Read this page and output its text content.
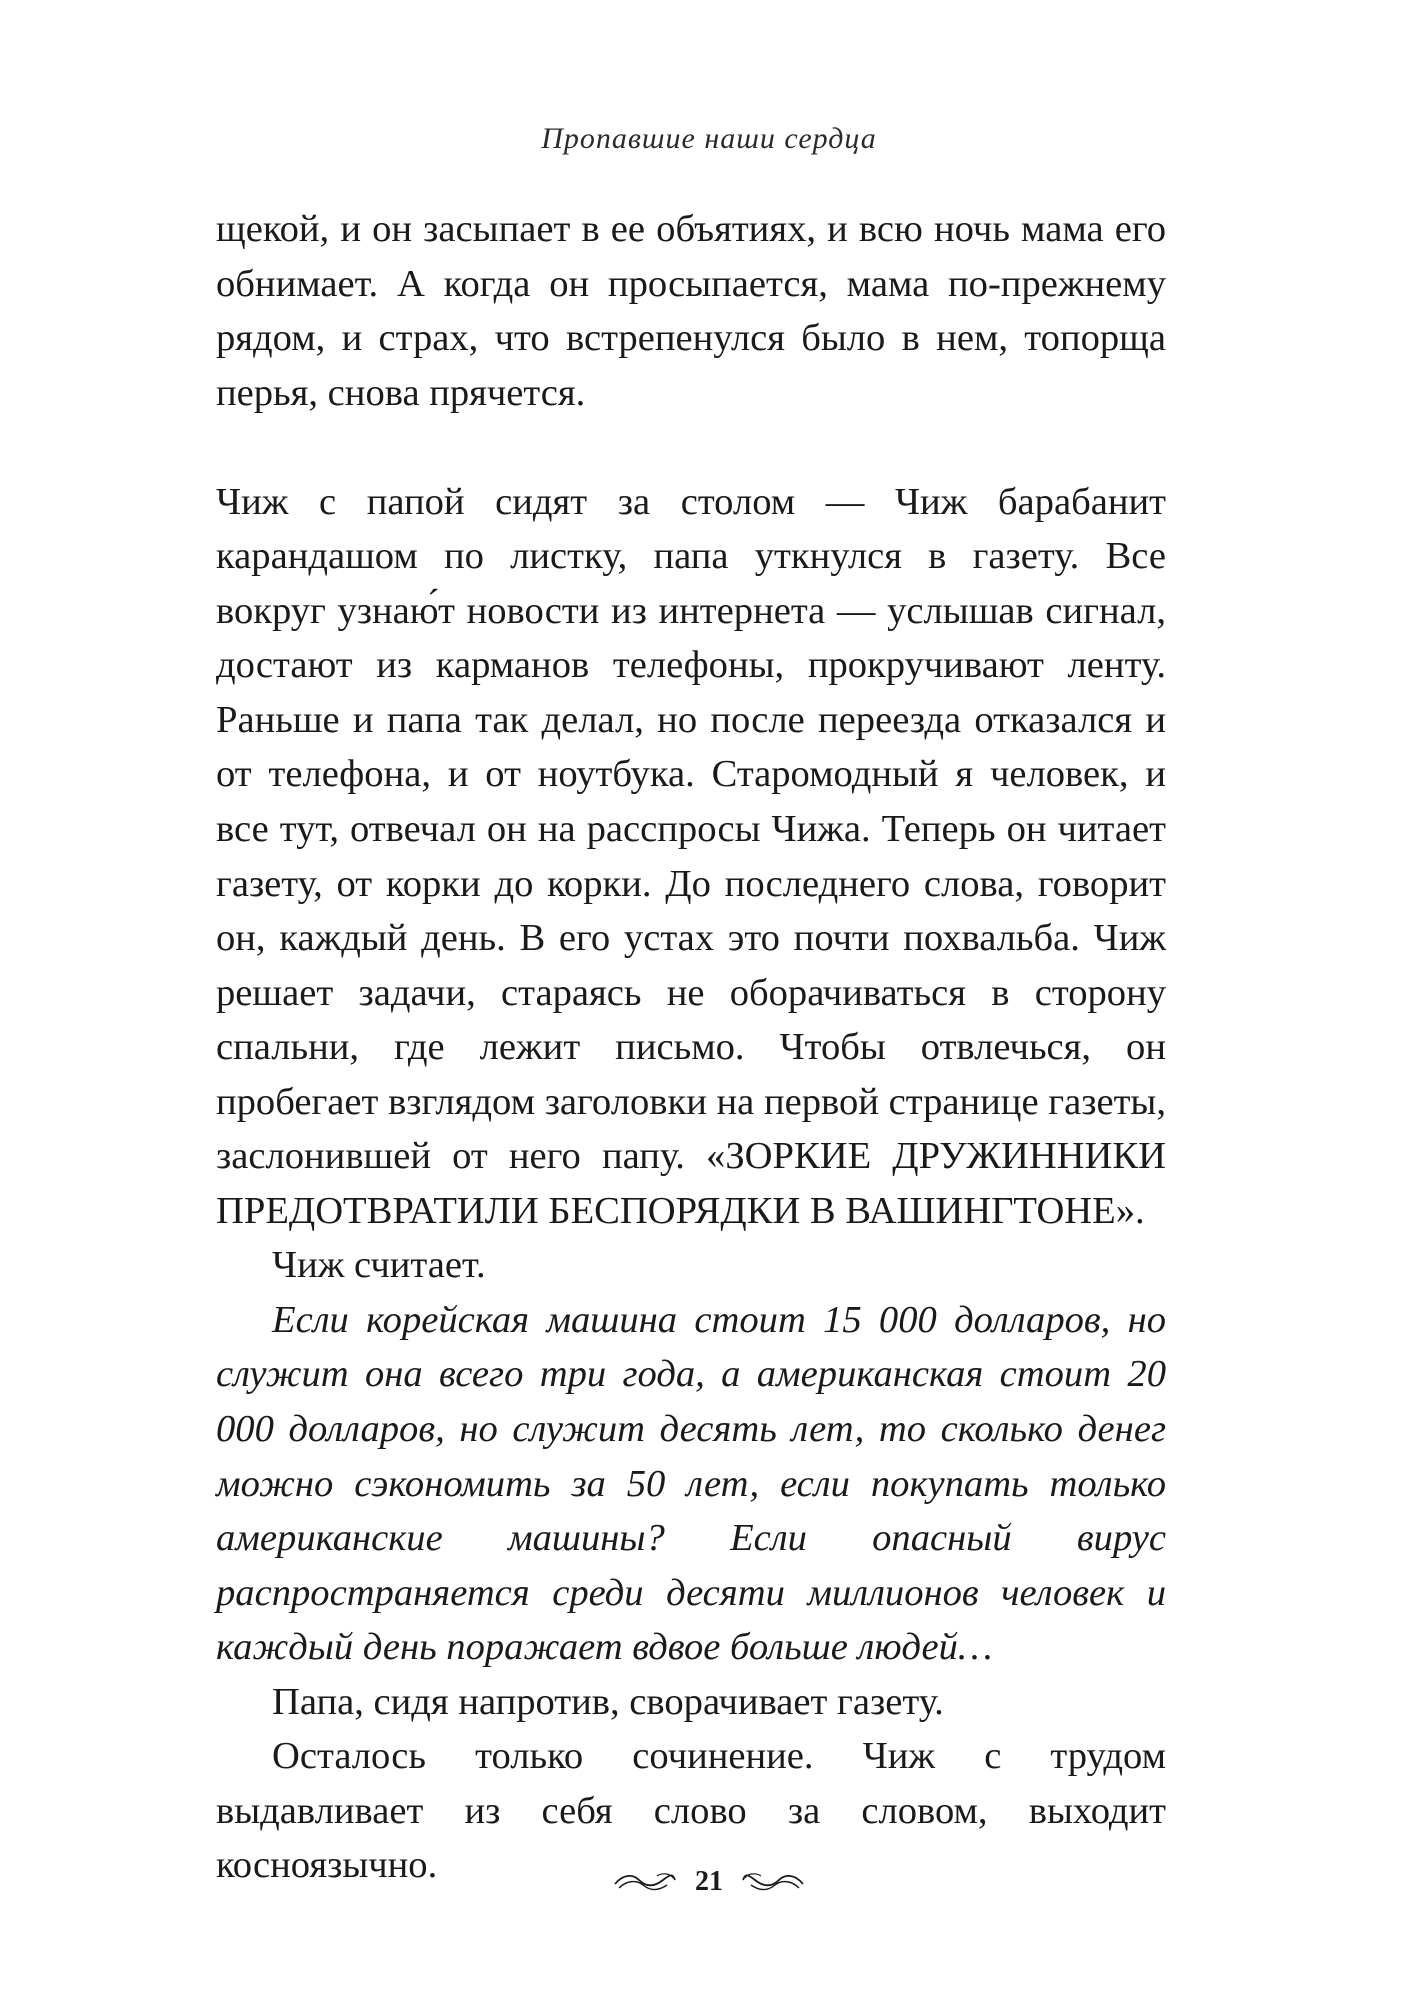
Пропавшие наши сердца

щекой, и он засыпает в ее объятиях, и всю ночь мама его обнимает. А когда он просыпается, мама по-прежнему рядом, и страх, что встрепенулся было в нем, топорща перья, снова прячется.

Чиж с папой сидят за столом — Чиж барабанит карандашом по листку, папа уткнулся в газету. Все вокруг узнаю́т новости из интернета — услышав сигнал, достают из карманов телефоны, прокручивают ленту. Раньше и папа так делал, но после переезда отказался и от телефона, и от ноутбука. Старомодный я человек, и все тут, отвечал он на расспросы Чижа. Теперь он читает газету, от корки до корки. До последнего слова, говорит он, каждый день. В его устах это почти похвальба. Чиж решает задачи, стараясь не оборачиваться в сторону спальни, где лежит письмо. Чтобы отвлечься, он пробегает взглядом заголовки на первой странице газеты, заслонившей от него папу. «ЗОРКИЕ ДРУЖИННИКИ ПРЕДОТВРАТИЛИ БЕСПОРЯДКИ В ВАШИНГТОНЕ».

Чиж считает.

Если корейская машина стоит 15 000 долларов, но служит она всего три года, а американская стоит 20 000 долларов, но служит десять лет, то сколько денег можно сэкономить за 50 лет, если покупать только американские машины? Если опасный вирус распространяется среди десяти миллионов человек и каждый день поражает вдвое больше людей…

Папа, сидя напротив, сворачивает газету.

Осталось только сочинение. Чиж с трудом выдавливает из себя слово за словом, выходит косноязычно.	21
